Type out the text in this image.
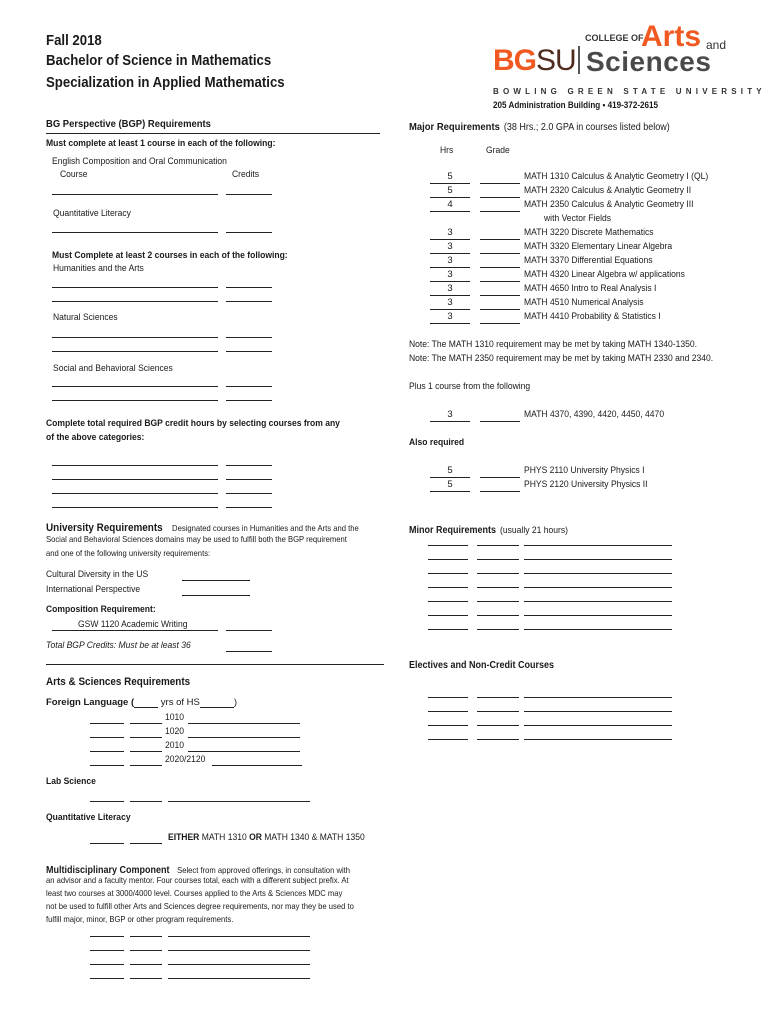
Fall 2018
Bachelor of Science in Mathematics
Specialization in Applied Mathematics
BGSU
COLLEGE OF
Arts and
Sciences
BOWLING GREEN STATE UNIVERSITY
205 Administration Building • 419-372-2615
BG Perspective (BGP) Requirements
Must complete at least 1 course in each of the following:
English Composition and Oral Communication
Course	Credits
Quantitative Literacy
Must Complete at least 2 courses in each of the following:
Humanities and the Arts
Natural Sciences
Social and Behavioral Sciences
Complete total required BGP credit hours by selecting courses from any
of the above categories:
University Requirements Designated courses in Humanities and the Arts and the
Social and Behavioral Sciences domains may be used to fulfill both the BGP requirement
and one of the following university requirements:
Cultural Diversity in the US
International Perspective
Composition Requirement:
GSW 1120 Academic Writing
Total BGP Credits: Must be at least 36
Arts & Sciences Requirements
Foreign Language (	yrs of HS	)
1010
1020
2010
2020/2120
Lab Science
Quantitative Literacy
EITHER MATH 1310 OR MATH 1340 & MATH 1350
Multidisciplinary Component Select from approved offerings, in consultation with
an advisor and a faculty mentor. Four courses total, each with a different subject prefix. At
least two courses at 3000/4000 level. Courses applied to the Arts & Sciences MDC may
not be used to fulfill other Arts and Sciences degree requirements, nor may they be used to
fulfill major, minor, BGP or other program requirements.
Major Requirements (38 Hrs.; 2.0 GPA in courses listed below)
Hrs	Grade
5	MATH 1310 Calculus & Analytic Geometry I (QL)
5	MATH 2320 Calculus & Analytic Geometry II
4	MATH 2350 Calculus & Analytic Geometry III
with Vector Fields
3	MATH 3220 Discrete Mathematics
3	MATH 3320 Elementary Linear Algebra
3	MATH 3370 Differential Equations
3	MATH 4320 Linear Algebra w/ applications
3	MATH 4650 Intro to Real Analysis I
3	MATH 4510 Numerical Analysis
3	MATH 4410 Probability & Statistics I
Note: The MATH 1310 requirement may be met by taking MATH 1340-1350.
Note: The MATH 2350 requirement may be met by taking MATH 2330 and 2340.
Plus 1 course from the following
3	MATH 4370, 4390, 4420, 4450, 4470
Also required
5	PHYS 2110 University Physics I
5	PHYS 2120 University Physics II
Minor Requirements (usually 21 hours)
Electives and Non-Credit Courses
